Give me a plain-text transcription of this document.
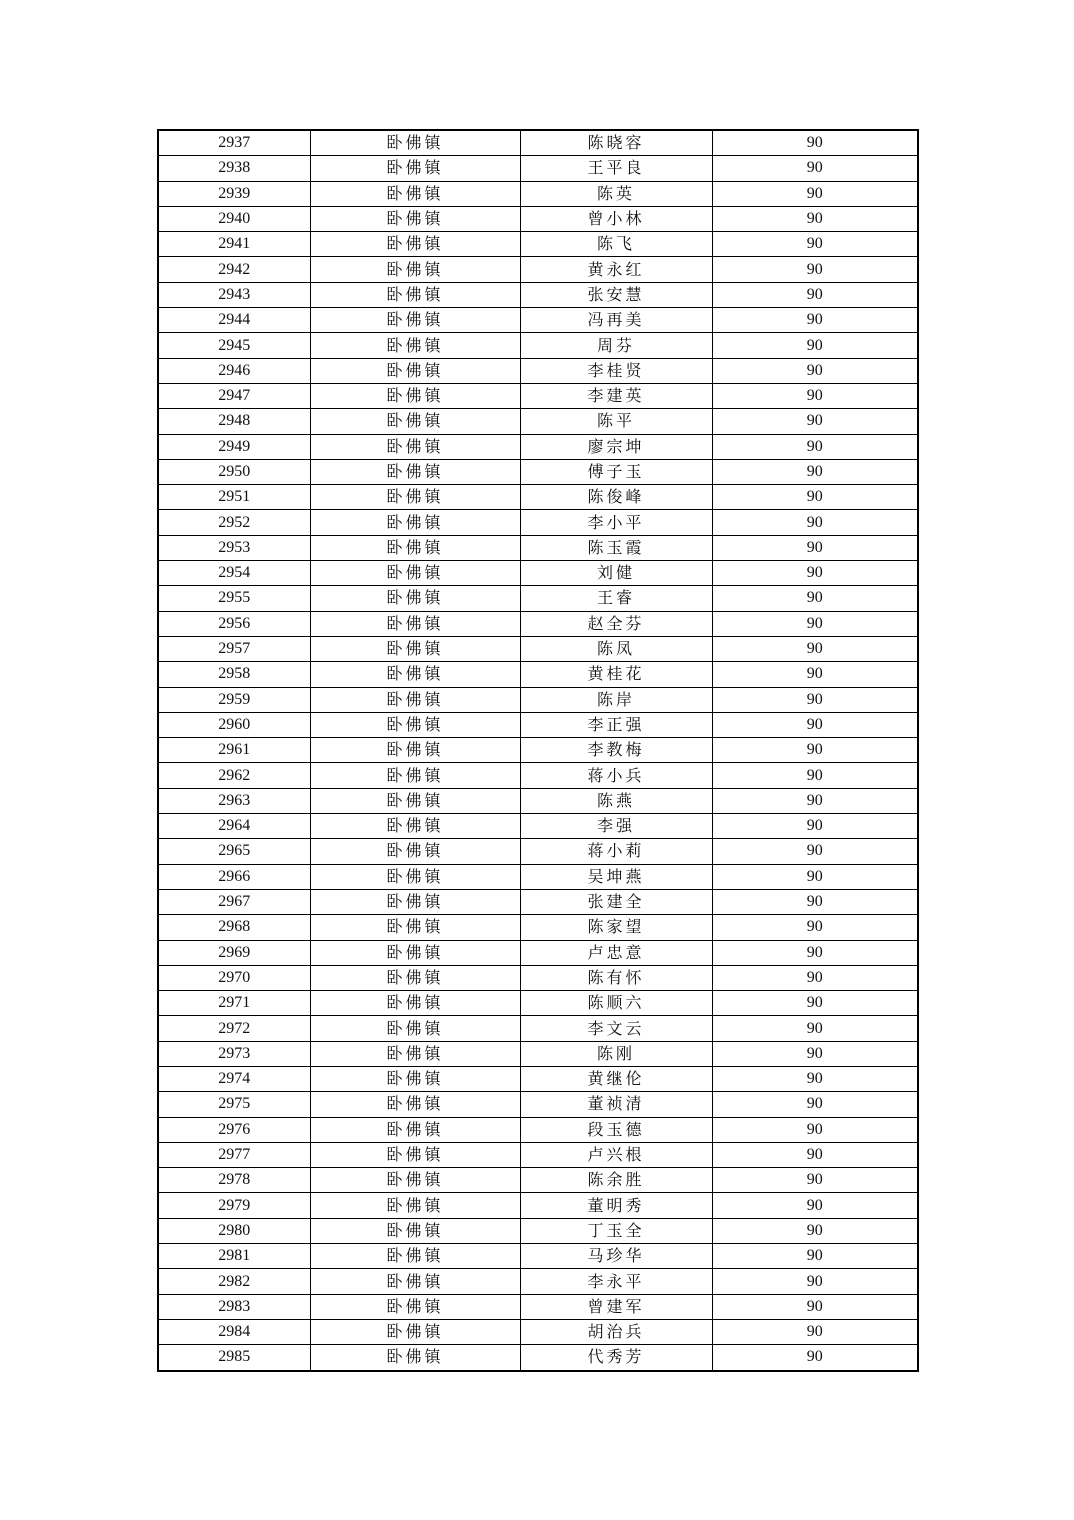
2937	卧佛镇	陈晓容	90
2938	卧佛镇	王平良	90
2939	卧佛镇	陈英	90
2940	卧佛镇	曾小林	90
2941	卧佛镇	陈飞	90
2942	卧佛镇	黄永红	90
2943	卧佛镇	张安慧	90
2944	卧佛镇	冯再美	90
2945	卧佛镇	周芬	90
2946	卧佛镇	李桂贤	90
2947	卧佛镇	李建英	90
2948	卧佛镇	陈平	90
2949	卧佛镇	廖宗坤	90
2950	卧佛镇	傅子玉	90
2951	卧佛镇	陈俊峰	90
2952	卧佛镇	李小平	90
2953	卧佛镇	陈玉霞	90
2954	卧佛镇	刘健	90
2955	卧佛镇	王睿	90
2956	卧佛镇	赵全芬	90
2957	卧佛镇	陈凤	90
2958	卧佛镇	黄桂花	90
2959	卧佛镇	陈岸	90
2960	卧佛镇	李正强	90
2961	卧佛镇	李教梅	90
2962	卧佛镇	蒋小兵	90
2963	卧佛镇	陈燕	90
2964	卧佛镇	李强	90
2965	卧佛镇	蒋小莉	90
2966	卧佛镇	吴坤燕	90
2967	卧佛镇	张建全	90
2968	卧佛镇	陈家望	90
2969	卧佛镇	卢忠意	90
2970	卧佛镇	陈有怀	90
2971	卧佛镇	陈顺六	90
2972	卧佛镇	李文云	90
2973	卧佛镇	陈刚	90
2974	卧佛镇	黄继伦	90
2975	卧佛镇	董祯清	90
2976	卧佛镇	段玉德	90
2977	卧佛镇	卢兴根	90
2978	卧佛镇	陈余胜	90
2979	卧佛镇	董明秀	90
2980	卧佛镇	丁玉全	90
2981	卧佛镇	马珍华	90
2982	卧佛镇	李永平	90
2983	卧佛镇	曾建军	90
2984	卧佛镇	胡治兵	90
2985	卧佛镇	代秀芳	90
